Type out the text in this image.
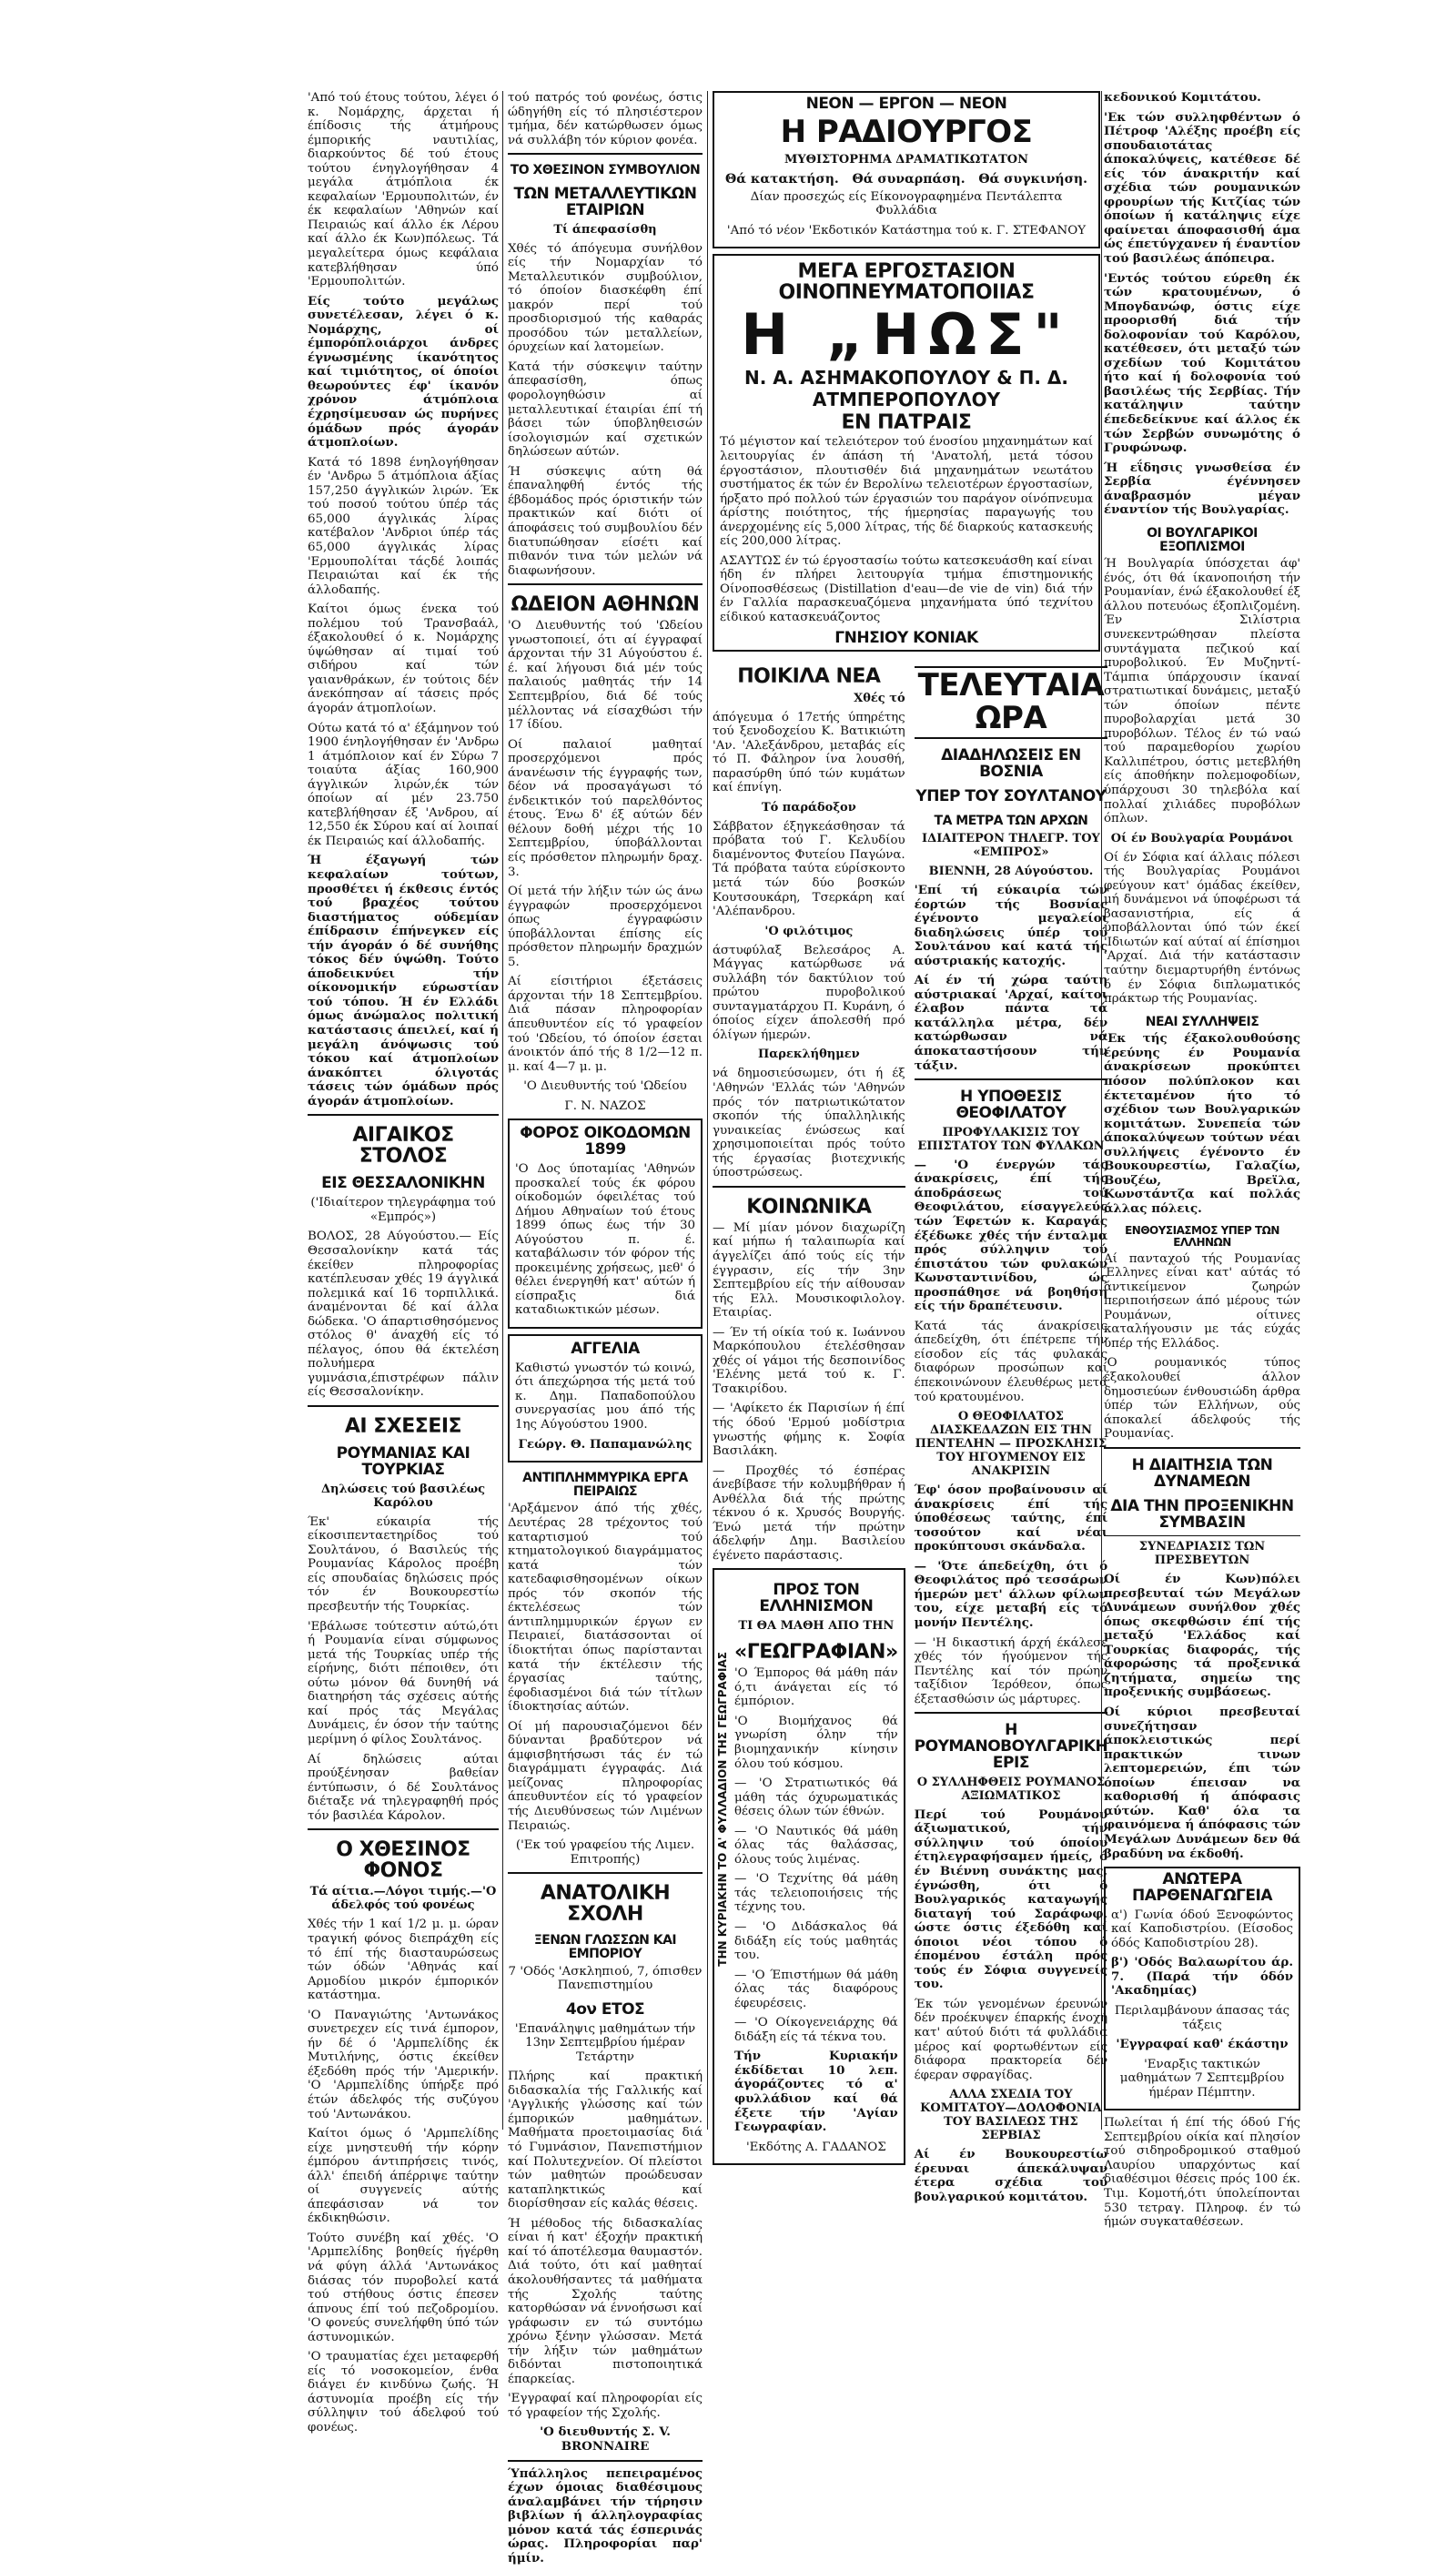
'Από τού έτους τούτου, λέγει ό κ. Νομάρχης, άρχεται ή έπίδοσις τής άτμήρους έμπορικής ναυτιλίας, διαρκούντος δέ τού έτους τούτου ένηγλογήθησαν 4 μεγάλα άτμόπλοια έκ κεφαλαίων 'Ερμουπολιτών, έν έκ κεφαλαίων 'Αθηνών καί Πειραιώς καί άλλο έκ Λέρου καί άλλο έκ Κων)πόλεως. Τά μεγαλείτερα όμως κεφάλαια κατεβλήθησαν ύπό 'Ερμουπολιτών.

Είς τούτο μεγάλως συνετέλεσαν, λέγει ό κ. Νομάρχης, οί έμπορόπλοιάρχοι άνδρες έγνωσμένης ίκανότητος καί τιμιότητος, οί όποίοι θεωρούντες έφ' ίκανόν χρόνον άτμόπλοια έχρησίμευσαν ώς πυρήνες όμάδων πρός άγοράν άτμοπλοίων.

Κατά τό 1898 ένηλογήθησαν έν 'Ανδρω 5 άτμόπλοια άξίας 157,250 άγγλικών λιρών. Έκ τού ποσού τούτου ύπέρ τάς 65,000 άγγλικάς λίρας κατέβαλον 'Ανδριοι ύπέρ τάς 65,000 άγγλικάς λίρας 'Ερμουπολίται τάςδέ λοιπάς Πειραιώται καί έκ τής άλλοδαπής.

Καίτοι όμως ένεκα τού πολέμου τού Τρανσβαάλ, έξακολουθεί ό κ. Νομάρχης ύψώθησαν αί τιμαί τού σιδήρου καί τών γαιανθράκων, έν τούτοις δέν άνεκόπησαν αί τάσεις πρός άγοράν άτμοπλοίων.

Ούτω κατά τό α' έξάμηνον τού 1900 ένηλογήθησαν έν 'Ανδρω 1 άτμόπλοιον καί έν Σύρω 7 τοιαύτα άξίας 160,900 άγγλικών λιρών,έκ τών όποίων αί μέν 23.750 κατεβλήθησαν έξ 'Ανδρου, αί 12,550 έκ Σύρου καί αί λοιπαί έκ Πειραιώς καί άλλοδαπής.

Ή έξαγωγή τών κεφαλαίων τούτων, προσθέτει ή έκθεσις έντός τού βραχέος τούτου διαστήματος ούδεμίαν έπίδρασιν έπήνεγκεν είς τήν άγοράν ό δέ συνήθης τόκος δέν ύψώθη. Τούτο άποδεικνύει τήν οίκονομικήν εύρωστίαν τού τόπου. Ή έν Ελλάδι όμως άνώμαλος πολιτική κατάστασις άπειλεί, καί ή μεγάλη άνόψωσις τού τόκου καί άτμοπλοίων άνακόπτει όλιγοτάς τάσεις τών όμάδων πρός άγοράν άτμοπλοίων.

ΑΙΓΑΙΚΟΣ ΣΤΟΛΟΣ
ΕΙΣ ΘΕΣΣΑΛΟΝΙΚΗΝ

('Ιδιαίτερον τηλεγράφημα τού «Εμπρός»)

ΒΟΛΟΣ, 28 Αύγούστου.— Είς Θεσσαλονίκην κατά τάς έκείθεν πληροφορίας κατέπλευσαν χθές 19 άγγλικά πολεμικά καί 16 τορπιλλικά. άναμένονται δέ καί άλλα δώδεκα. 'Ο άπαρτισθησόμενος στόλος θ' άναχθή είς τό πέλαγος, όπου θά έκτελέση πολυήμερα γυμνάσια,έπιστρέφων πάλιν είς Θεσσαλονίκην.

ΑΙ ΣΧΕΣΕΙΣ
ΡΟΥΜΑΝΙΑΣ ΚΑΙ ΤΟΥΡΚΙΑΣ
Δηλώσεις τού βασιλέως Καρόλου

Έκ' εύκαιρία τής είκοσιπενταετηρίδος τού Σουλτάνου, ό Βασιλεύς τής Ρουμανίας Κάρολος προέβη είς σπουδαίας δηλώσεις πρός τόν έν Βουκουρεστίω πρεσβευτήν τής Τουρκίας.

'Εβάλωσε τούτεστιν αύτώ,ότι ή Ρουμανία είναι σύμφωνος μετά τής Τουρκίας υπέρ τής είρήνης, διότι πέποιθεν, ότι ούτω μόνον θά δυνηθή νά διατηρήση τάς σχέσεις αύτής καί πρός τάς Μεγάλας Δυνάμεις, έν όσον τήν ταύτης μερίμνη ό φίλος Σουλτάνος.

Αί δηλώσεις αύται προύξένησαν βαθείαν έντύπωσιν, ό δέ Σουλτάνος διέταξε νά τηλεγραφηθή πρός τόν βασιλέα Κάρολον.

Ο ΧΘΕΣΙΝΟΣ ΦΟΝΟΣ
Τά αίτια.—Λόγοι τιμής.—'Ο άδελφός τού φονέως

Χθές τήν 1 καί 1/2 μ. μ. ώραν τραγική φόνος διεπράχθη είς τό έπί τής διασταυρώσεως τών όδών 'Αθηνάς καί Αρμοδίου μικρόν έμπορικόν κατάστημα.

'Ο Παναγιώτης 'Αντωνάκος συνετρεχεν είς τινά έμπορον, ήν δέ ό 'Αρμπελίδης έκ Μυτιλήνης, όστις έκείθεν έξεδόθη πρός τήν 'Αμερικήν. 'Ο 'Αρμπελίδης ύπήρξε πρό έτών άδελφός τής συζύγου τού 'Αντωνάκου.

Καίτοι όμως ό 'Αρμπελίδης είχε μνηστευθή τήν κόρην έμπόρου άντιπρήσεις τινός, άλλ' έπειδή άπέρριψε ταύτην οί συγγενείς αύτής άπεφάσισαν νά τον έκδικηθώσιν.

Τούτο συνέβη καί χθές. 'Ο 'Αρμπελίδης βοηθείς ήγέρθη νά φύγη άλλά 'Αντωνάκος διάσας τόν πυροβολεί κατά τού στήθους όστις έπεσεν άπνους έπί τού πεζοδρομίου. 'Ο φονεύς συνελήφθη ύπό τών άστυνομικών.

'Ο τραυματίας έχει μεταφερθή είς τό νοσοκομείον, ένθα διάγει έν κινδύνω ζωής. Ή άστυνομία προέβη είς τήν σύλληψιν τού άδελφού τού φονέως.

τού πατρός τού φονέως, όστις ώδηγήθη είς τό πλησιέστερον τμήμα, δέν κατώρθωσεν όμως νά συλλάβη τόν κύριον φονέα.

ΤΟ ΧΘΕΣΙΝΟΝ ΣΥΜΒΟΥΛΙΟΝ
ΤΩΝ ΜΕΤΑΛΛΕΥΤΙΚΩΝ ΕΤΑΙΡΙΩΝ
Τί άπεφασίσθη

Χθές τό άπόγευμα συνήλθον είς τήν Νομαρχίαν τό Μεταλλευτικόν συμβούλιον, τό όποίον διασκέφθη έπί μακρόν περί τού προσδιορισμού τής καθαράς προσόδου τών μεταλλείων, όρυχείων καί λατομείων.

Κατά τήν σύσκεψιν ταύτην άπεφασίσθη, όπως φορολογηθώσιν αί μεταλλευτικαί έταιρίαι έπί τή βάσει τών ύποβληθεισών ίσολογισμών καί σχετικών δηλώσεων αύτών.

Ή σύσκεψις αύτη θά έπαναληφθή έντός τής έβδομάδος πρός όριστικήν τών πρακτικών καί διότι οί άποφάσεις τού συμβουλίου δέν διατυπώθησαν είσέτι καί πιθανόν τινα τών μελών νά διαφωνήσουν.

ΩΔΕΙΟΝ ΑΘΗΝΩΝ

'Ο Διευθυντής τού 'Ωδείου γνωστοποιεί, ότι αί έγγραφαί άρχονται τήν 31 Αύγούστου έ. έ. καί λήγουσι διά μέν τούς παλαιούς μαθητάς τήν 14 Σεπτεμβρίου, διά δέ τούς μέλλοντας νά είσαχθώσι τήν 17 ίδίου.

Οί παλαιοί μαθηταί προσερχόμενοι πρός άνανέωσιν τής έγγραφής των, δέον νά προσαγάγωσι τό ένδεικτικόν τού παρελθόντος έτους. Ένω δ' έξ αύτών δέν θέλουν δοθή μέχρι τής 10 Σεπτεμβρίου, ύποβάλλονται είς πρόσθετον πληρωμήν δραχ. 3.

Οί μετά τήν λήξιν τών ώς άνω έγγραφών προσερχόμενοι όπως έγγραφώσιν ύποβάλλονται έπίσης είς πρόσθετον πληρωμήν δραχμών 5.

Αί είσιτήριοι έξετάσεις άρχονται τήν 18 Σεπτεμβρίου. Διά πάσαν πληροφορίαν άπευθυντέον είς τό γραφείον τού 'Ωδείου, τό όποίον έσεται άνοικτόν άπό τής 8 1/2—12 π. μ. καί 4—7 μ. μ.

'Ο Διευθυντής τού 'Ωδείου

Γ. Ν. ΝΑΖΟΣ

ΦΟΡΟΣ ΟΙΚΟΔΟΜΩΝ 1899

'Ο Δος ύποταμίας 'Αθηνών προσκαλεί τούς έκ φόρου οίκοδομών όφειλέτας τού Δήμου Αθηναίων τού έτους 1899 όπως έως τήν 30 Αύγούστου π. έ. καταβάλωσιν τόν φόρον τής προκειμένης χρήσεως, μεθ' ό θέλει ένεργηθή κατ' αύτών ή είσπραξις διά καταδιωκτικών μέσων.

ΑΓΓΕΛΙΑ

Καθιστώ γνωστόν τώ κοινώ, ότι άπεχώρησα τής μετά τού κ. Δημ. Παπαδοπούλου συνεργασίας μου άπό τής 1ης Αύγούστου 1900.

Γεώργ. Θ. Παπαμανώλης

ΑΝΤΙΠΛΗΜΜΥΡΙΚΑ ΕΡΓΑ ΠΕΙΡΑΙΩΣ

'Αρξάμενον άπό τής χθές, Δευτέρας 28 τρέχοντος τού καταρτισμού τού κτηματολογικού διαγράμματος κατά τών κατεδαφισθησομένων οίκων πρός τόν σκοπόν τής έκτελέσεως τών άντιπλημμυρικών έργων εν Πειραιεί, διατάσσονται οί ίδιοκτήται όπως παρίστανται κατά τήν έκτέλεσιν τής έργασίας ταύτης, έφοδιασμένοι διά τών τίτλων ίδιοκτησίας αύτών.

Οί μή παρουσιαζόμενοι δέν δύνανται βραδύτερον νά άμφισβητήσωσι τάς έν τώ διαγράμματι έγγραφάς. Διά μείζονας πληροφορίας άπευθυντέον είς τό γραφείον τής Διευθύνσεως τών Λιμένων Πειραιώς.

('Εκ τού γραφείου τής Λιμεν. Επιτροπής)

ΑΝΑΤΟΛΙΚΗ ΣΧΟΛΗ
ΞΕΝΩΝ ΓΛΩΣΣΩΝ ΚΑΙ ΕΜΠΟΡΙΟΥ

7 'Οδός 'Ασκληπιού, 7, όπισθεν Πανεπιστημίου

4ον ΕΤΟΣ

'Επανάληψις μαθημάτων τήν 13ην Σεπτεμβρίου ήμέραν Τετάρτην

Πλήρης καί πρακτική διδασκαλία τής Γαλλικής καί 'Αγγλικής γλώσσης καί τών έμπορικών μαθημάτων. Μαθήματα προετοιμασίας διά τό Γυμνάσιον, Πανεπιστήμιον καί Πολυτεχνείον. Οί πλείστοι τών μαθητών προώδευσαν καταπληκτικώς καί διορίσθησαν είς καλάς θέσεις.

Ή μέθοδος τής διδασκαλίας είναι ή κατ' έξοχήν πρακτική καί τό άποτέλεσμα θαυμαστόν. Διά τούτο, ότι καί μαθηταί άκολουθήσαντες τά μαθήματα τής Σχολής ταύτης κατορθώσαν νά έννοήσωσι καί γράφωσιν εν τώ συντόμω χρόνω ξένην γλώσσαν. Μετά τήν λήξιν τών μαθημάτων διδόνται πιστοποιητικά έπαρκείας.

'Εγγραφαί καί πληροφορίαι είς τό γραφείον τής Σχολής.

'Ο διευθυντής Σ. V. BRONNAIRE

Ύπάλληλος πεπειραμένος έχων όμοιας διαθέσιμους άναλαμβάνει τήν τήρησιν βιβλίων ή άλληλογραφίας μόνον κατά τάς έσπερινάς ώρας. Πληροφορίαι παρ' ήμίν.

ΝΕΟΝ — ΕΡΓΟΝ — ΝΕΟΝ
Η ΡΑΔΙΟΥΡΓΟΣ
ΜΥΘΙΣΤΟΡΗΜΑ ΔΡΑΜΑΤΙΚΩΤΑΤΟΝ
Θά κατακτήση. Θά συναρπάση. Θά συγκινήση.

Δίαν προσεχώς είς Είκονογραφημένα Πεντάλεπτα Φυλλάδια

'Από τό νέον 'Εκδοτικόν Κατάστημα τού κ. Γ. ΣΤΕΦΑΝΟΥ

ΜΕΓΑ ΕΡΓΟΣΤΑΣΙΟΝ ΟΙΝΟΠΝΕΥΜΑΤΟΠΟΙΙΑΣ
Η „ΗΩΣ"
Ν. Α. ΑΣΗΜΑΚΟΠΟΥΛΟΥ & Π. Δ. ΑΤΜΠΕΡΟΠΟΥΛΟΥ
ΕΝ ΠΑΤΡΑΙΣ

Τό μέγιστον καί τελειότερον τού ένοσίου μηχανημάτων καί λειτουργίας έν άπάση τή 'Ανατολή, μετά τόσου έργοστάσιον, πλουτισθέν διά μηχανημάτων νεωτάτου συστήματος έκ τών έν Βερολίνω τελειοτέρων έργοστασίων, ήρξατο πρό πολλού τών έργασιών του παράγον οίνόπνευμα άρίστης ποιότητος, τής ήμερησίας παραγωγής του άνερχομένης είς 5,000 λίτρας, τής δέ διαρκούς κατασκευής είς 200,000 λίτρας.

ΑΣΑΥΤΩΣ έν τώ έργοστασίω τούτω κατεσκευάσθη καί είναι ήδη έν πλήρει λειτουργία τμήμα έπιστημονικής Οίνοποσθέσεως (Distillation d'eau—de vie de vin) διά τήν έν Γαλλία παρασκευαζόμενα μηχανήματα ύπό τεχνίτου είδικού κατασκευάζοντος

ΓΝΗΣΙΟΥ ΚΟΝΙΑΚ
ΠΟΙΚΙΛΑ ΝΕΑ
Χθές τό

άπόγευμα ό 17ετής ύπηρέτης τού ξενοδοχείου Κ. Βατικιώτη 'Αν. 'Αλεξάνδρου, μεταβάς είς τό Π. Φάληρον ίνα λουσθή, παρασύρθη ύπό τών κυμάτων καί έπνίγη.

Τό παράδοξον

Σάββατον έξηγκεάσθησαν τά πρόβατα τού Γ. Κελυδίου διαμένοντος Φυτείου Παγώνα. Τά πρόβατα ταύτα εύρίσκοντο μετά τών δύο βοσκών Κουτσουκάρη, Τσερκάρη καί 'Αλέπανδρου.

'Ο φιλότιμος

άστυφύλαξ Βελεσάρος Α. Μάγγας κατώρθωσε νά συλλάβη τόν δακτύλιον τού πρώτου πυροβολικού συνταγματάρχου Π. Κυράνη, ό όποίος είχεν άπολεσθή πρό όλίγων ήμερών.

Παρεκλήθημεν

νά δημοσιεύσωμεν, ότι ή έξ 'Αθηνών 'Ελλάς τών 'Αθηνών πρός τόν πατριωτικώτατον σκοπόν τής ύπαλληλικής γυναικείας ένώσεως καί χρησιμοποιείται πρός τούτο τής έργασίας βιοτεχνικής ύποστρώσεως.

ΚΟΙΝΩΝΙΚΑ

— Μί μίαν μόνον διαχωρίζη καί μήπω ή ταλαιπωρία καί άγγελίζει άπό τούς είς τήν έγγρασιν, είς τήν 3ην Σεπτεμβρίου είς τήν αίθουσαν τής Ελλ. Μουσικοφιλολογ. Εταιρίας.

— Έν τή οίκία τού κ. Ιωάννου Μαρκόπουλου έτελέσθησαν χθές οί γάμοι τής δεσποινίδος 'Ελένης μετά τού κ. Γ. Τσακιρίδου.

— 'Αφίκετο έκ Παρισίων ή έπί τής όδού 'Ερμού μοδίστρια γνωστής φήμης κ. Σοφία Βασιλάκη.

— Προχθές τό έσπέρας άνεβίβασε τήν κολυμβήθραν ή Ανθέλλα διά τής πρώτης τέκνου ό κ. Χρυσός Βουργής. Ένώ μετά τήν πρώτην άδελφήν Δημ. Βασιλείου έγένετο παράστασις.

ΠΡΟΣ ΤΟΝ ΕΛΛΗΝΙΣΜΟΝ
ΤΙ ΘΑ ΜΑΘΗ ΑΠΟ ΤΗΝ
«ΓΕΩΓΡΑΦΙΑΝ»

'Ο Έμπορος θά μάθη πάν ό,τι άνάγεται είς τό έμπόριον.

'Ο Βιομήχανος θά γνωρίση όλην τήν βιομηχανικήν κίνησιν όλου τού κόσμου.

— 'Ο Στρατιωτικός θά μάθη τάς όχυρωματικάς θέσεις όλων τών έθνών.

— 'Ο Ναυτικός θά μάθη όλας τάς θαλάσσας, όλους τούς λιμένας.

— 'Ο Τεχνίτης θά μάθη τάς τελειοποιήσεις τής τέχνης του.

— 'Ο Διδάσκαλος θά διδάξη είς τούς μαθητάς του.

— 'Ο Έπιστήμων θά μάθη όλας τάς διαφόρους έφευρέσεις.

— 'Ο Οίκογενειάρχης θά διδάξη είς τά τέκνα του.

Τήν Κυριακήν έκδίδεται 10 λεπ. άγοράζοντες τό α' φυλλάδιον καί θά έξετε τήν 'Αγίαν Γεωγραφίαν.

'Εκδότης Α. ΓΑΔΑΝΟΣ

ΤΗΝ ΚΥΡΙΑΚΗΝ ΤΟ Α' ΦΥΛΛΑΔΙΟΝ ΤΗΣ ΓΕΩΓΡΑΦΙΑΣ
ΤΕΛΕΥΤΑΙΑ ΩΡΑ
ΔΙΑΔΗΛΩΣΕΙΣ ΕΝ ΒΟΣΝΙΑ
ΥΠΕΡ ΤΟΥ ΣΟΥΛΤΑΝΟΥ
ΤΑ ΜΕΤΡΑ ΤΩΝ ΑΡΧΩΝ
ΙΔΙΑΙΤΕΡΟΝ ΤΗΛΕΓΡ. ΤΟΥ «ΕΜΠΡΟΣ»
ΒΙΕΝΝΗ, 28 Αύγούστου.

'Επί τή εύκαιρία τών έορτών τής Βοσνίας έγένοντο μεγαλείοι διαδηλώσεις ύπέρ τού Σουλτάνου καί κατά τής αύστριακής κατοχής.

Αί έν τή χώρα ταύτη αύστριακαί 'Αρχαί, καίτοι έλαβον πάντα τά κατάλληλα μέτρα, δέν κατώρθωσαν νά άποκαταστήσουν τήν τάξιν.

Η ΥΠΟΘΕΣΙΣ ΘΕΟΦΙΛΑΤΟΥ
ΠΡΟΦΥΛΑΚΙΣΙΣ ΤΟΥ ΕΠΙΣΤΑΤΟΥ ΤΩΝ ΦΥΛΑΚΩΝ

— 'Ο ένεργών τάς άνακρίσεις, έπί τής άποδράσεως τού Θεοφιλάτου, είσαγγελεύς τών Έφετών κ. Καραγάς έξέδωκε χθές τήν ένταλμα πρός σύλληψιν τού έπιστάτου τών φυλακών Κωνσταντινίδου, ώς προσπάθησε νά βοηθήση είς τήν δραπέτευσιν.

Κατά τάς άνακρίσεις άπεδείχθη, ότι έπέτρεπε τήν είσοδον είς τάς φυλακάς διαφόρων προσώπων καί έπεκοινώνουν έλευθέρως μετά τού κρατουμένου.

Ο ΘΕΟΦΙΛΑΤΟΣ ΔΙΑΣΚΕΔΑΖΩΝ ΕΙΣ ΤΗΝ ΠΕΝΤΕΛΗΝ — ΠΡΟΣΚΛΗΣΙΣ ΤΟΥ ΗΓΟΥΜΕΝΟΥ ΕΙΣ ΑΝΑΚΡΙΣΙΝ

Έφ' όσον προβαίνουσιν αί άνακρίσεις έπί τής ύποθέσεως ταύτης, έπί τοσούτον καί νέαι προκύπτουσι σκάνδαλα.

— 'Ότε άπεδείχθη, ότι ό Θεοφιλάτος πρό τεσσάρων ήμερών μετ' άλλων φίλων του, είχε μεταβή είς τό μονήν Πεντέλης.

— 'Η δικαστική άρχή έκάλεσε χθές τόν ήγούμενον τής Πεντέλης καί τόν πρώην ταξίδιον Ίερόθεον, όπως έξετασθώσιν ώς μάρτυρες.

Η ΡΟΥΜΑΝΟΒΟΥΛΓΑΡΙΚΗ ΕΡΙΣ
Ο ΣΥΛΛΗΦΘΕΙΣ ΡΟΥΜΑΝΟΣ ΑΞΙΩΜΑΤΙΚΟΣ

Περί τού Ρουμάνου άξιωματικού, τήν σύλληψιν τού όποίου έτηλεγραφήσαμεν ήμείς, ό έν Βιέννη συνάκτης μας, έγνώσθη, ότι ό Βουλγαρικός καταγωγής διαταγή τού Σαράφωφ, ώστε όστις έξεδόθη καί όποιοι νέοι τόπου ό έπομένου έστάλη πρός τούς έν Σόφια συγγενείς του.

Έκ τών γενομένων έρευνών δέν προέκυψεν έπαρκής ένοχή κατ' αύτού διότι τά φυλλάδια μέρος καί φορτωθέντων είς διάφορα πρακτορεία δέν έφεραν σφραγίδας.

ΑΛΛΑ ΣΧΕΔΙΑ ΤΟΥ ΚΟΜΙΤΑΤΟΥ—ΔΟΛΟΦΟΝΙΑ ΤΟΥ ΒΑΣΙΛΕΩΣ ΤΗΣ ΣΕΡΒΙΑΣ

Αί έν Βουκουρεστίω έρευναι άπεκάλυψαν έτερα σχέδια τού βουλγαρικού κομιτάτου.

κεδονικού Κομιτάτου.

'Εκ τών συλληφθέντων ό Πέτροφ 'Αλέξης προέβη είς σπουδαιοτάτας άποκαλύψεις, κατέθεσε δέ είς τόν άνακριτήν καί σχέδια τών ρουμανικών φρουρίων τής Κιτζίας τών όποίων ή κατάληψις είχε φαίνεται άποφασισθή άμα ώς έπετύγχανεν ή έναντίον τού βασιλέως άπόπειρα.

'Εντός τούτου εύρεθη έκ τών κρατουμένων, ό Μπογδανώφ, όστις είχε προορισθή διά τήν δολοφονίαν τού Καρόλου, κατέθεσεν, ότι μεταξύ τών σχεδίων τού Κομιτάτου ήτο καί ή δολοφονία τού βασιλέως τής Σερβίας. Τήν κατάληψιν ταύτην έπεδεδείκνυε καί άλλος έκ τών Σερβών συνωμότης ό Γρυφώνωφ.

Ή εΐδησις γνωσθείσα έν Σερβία έγέννησεν άναβρασμόν μέγαν έναντίον τής Βουλγαρίας.

ΟΙ ΒΟΥΛΓΑΡΙΚΟΙ ΕΞΟΠΛΙΣΜΟΙ

Ή Βουλγαρία ύπόσχεται άφ' ένός, ότι θά ίκανοποιήση τήν Ρουμανίαν, ένώ έξακολουθεί έξ άλλου ποτευόως έξοπλιζομένη. Έν Σιλίστρια συνεκεντρώθησαν πλείστα συντάγματα πεζικού καί πυροβολικού. Έν Μυζηντί-Τάμπια ύπάρχουσιν ίκαναί στρατιωτικαί δυνάμεις, μεταξύ τών όποίων πέντε πυροβολαρχίαι μετά 30 πυροβόλων. Τέλος έν τώ ναώ τού παραμεθορίου χωρίου Καλλιπέτρου, όστις μετεβλήθη είς άποθήκην πολεμοφοδίων, ύπάρχουσι 30 τηλεβόλα καί πολλαί χιλιάδες πυροβόλων όπλων.

Οί έν Βουλγαρία Ρουμάνοι

Οί έν Σόφια καί άλλαις πόλεσι τής Βουλγαρίας Ρουμάνοι φεύγουν κατ' όμάδας έκείθεν, μή δυνάμενοι νά ύποφέρωσι τά βασανιστήρια, είς ά ύποβάλλονται ύπό τών έκεί 'Ιδιωτών καί αύταί αί έπίσημοι 'Αρχαί. Διά τήν κατάστασιν ταύτην διεμαρτυρήθη έντόνως ό έν Σόφια διπλωματικός πράκτωρ τής Ρουμανίας.

ΝΕΑΙ ΣΥΛΛΗΨΕΙΣ

'Εκ τής έξακολουθούσης έρεύνης έν Ρουμανία άνακρίσεων προκύπτει πόσον πολύπλοκον και έκτεταμένον ήτο τό σχέδιον των Βουλγαρικών κομιτάτων. Συνεπεία τών άποκαλύψεων τούτων νέαι συλλήψεις έγένοντο έν Βουκουρεστίω, Γαλαζίω, Βουζέω, Βρεϊλα, Κωνστάντζα καί πολλάς άλλας πόλεις.

ΕΝΘΟΥΣΙΑΣΜΟΣ ΥΠΕΡ ΤΩΝ ΕΛΛΗΝΩΝ

Αί πανταχού τής Ρουμανίας Έλληνες είναι κατ' αύτάς τό άντικείμενον ζωηρών περιποιήσεων άπό μέρους τών Ρουμάνων, οίτινες καταλήγουσιν με τάς εύχάς ύπέρ τής Ελλάδος.

'Ο ρουμανικός τύπος έξακολουθεί άλλον δημοσιεύων ένθουσιώδη άρθρα ύπέρ τών Ελλήνων, ούς άποκαλεί άδελφούς τής Ρουμανίας.

Η ΔΙΑΙΤΗΣΙΑ ΤΩΝ ΔΥΝΑΜΕΩΝ
ΔΙΑ ΤΗΝ ΠΡΟΞΕΝΙΚΗΝ ΣΥΜΒΑΣΙΝ
ΣΥΝΕΔΡΙΑΣΙΣ ΤΩΝ ΠΡΕΣΒΕΥΤΩΝ

Οί έν Κων)πόλει πρεσβευταί τών Μεγάλων Δυνάμεων συνήλθον χθές όπως σκεφθώσιν έπί τής μεταξύ 'Ελλάδος καί Τουρκίας διαφοράς, τής άφορώσης τά προξενικά ζητήματα, σημείω της προξενικής συμβάσεως.

Οί κύριοι πρεσβευταί συνεζήτησαν άποκλειστικώς περί πρακτικών τινων λεπτομερειών, έπι τών όποίων έπεισαν να καθορισθή ή άπόφασις αύτών. Καθ' όλα τα φαινόμενα ή άπόφασις τών Μεγάλων Δυνάμεων δεν θά βραδύνη να έκδοθή.

ΑΝΩΤΕΡΑ ΠΑΡΘΕΝΑΓΩΓΕΙΑ

α') Γωνία όδού Ξενοφώντος καί Καποδιστρίου. (Είσοδος όδός Καποδιστρίου 28).

β') 'Οδός Βαλαωρίτου άρ. 7. (Παρά τήν όδόν 'Ακαδημίας)

Περιλαμβάνουν άπασας τάς τάξεις

'Εγγραφαί καθ' έκάστην

'Εναρξις τακτικών μαθημάτων 7 Σεπτεμβρίου ήμέραν Πέμπτην.

Πωλείται ή έπί τής όδού Γής Σεπτεμβρίου οίκία καί πλησίον τού σιδηροδρομικού σταθμού Λαυρίου υπαρχόντως καί διαθέσιμοι θέσεις πρός 100 έκ. Τιμ. Κομοτή,ότι ύπολείπονται 530 τετραγ. Πληροφ. έν τώ ήμών συγκαταθέσεων.
